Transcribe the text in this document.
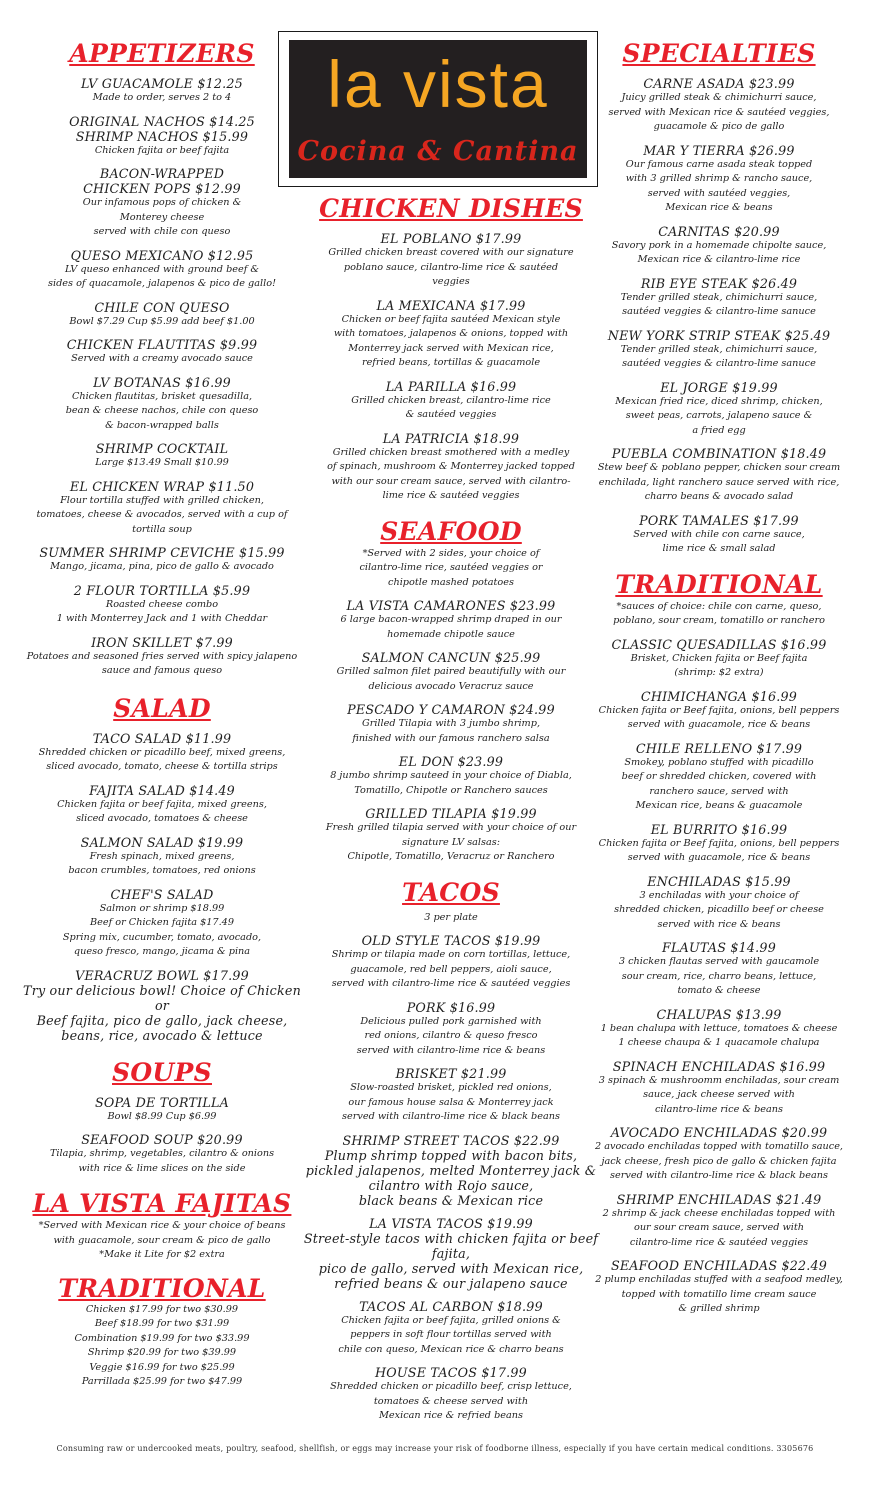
APPETIZERS
LV GUACAMOLE $12.25
Made to order, serves 2 to 4
ORIGINAL NACHOS $14.25
SHRIMP NACHOS $15.99
Chicken fajita or beef fajita
BACON-WRAPPED
CHICKEN POPS $12.99
Our infamous pops of chicken &
Monterey cheese
served with chile con queso
QUESO MEXICANO $12.95
LV queso enhanced with ground beef &
sides of quacamole, jalapenos & pico de gallo!
CHILE CON QUESO
Bowl $7.29 Cup $5.99 add beef $1.00
CHICKEN FLAUTITAS $9.99
Served with a creamy avocado sauce
LV BOTANAS $16.99
Chicken flautitas, brisket quesadilla,
bean & cheese nachos, chile con queso
& bacon-wrapped balls
SHRIMP COCKTAIL
Large $13.49 Small $10.99
EL CHICKEN WRAP $11.50
Flour tortilla stuffed with grilled chicken,
tomatoes, cheese & avocados, served with a cup of
tortilla soup
SUMMER SHRIMP CEVICHE $15.99
Mango, jicama, pina, pico de gallo & avocado
2 FLOUR TORTILLA $5.99
Roasted cheese combo
1 with Monterrey Jack and 1 with Cheddar
IRON SKILLET $7.99
Potatoes and seasoned fries served with spicy jalapeno
sauce and famous queso
SALAD
TACO SALAD $11.99
Shredded chicken or picadillo beef, mixed greens,
sliced avocado, tomato, cheese & tortilla strips
FAJITA SALAD $14.49
Chicken fajita or beef fajita, mixed greens,
sliced avocado, tomatoes & cheese
SALMON SALAD $19.99
Fresh spinach, mixed greens,
bacon crumbles, tomatoes, red onions
CHEF'S SALAD
Salmon or shrimp $18.99
Beef or Chicken fajita $17.49
Spring mix, cucumber, tomato, avocado,
queso fresco, mango, jicama & pina
VERACRUZ BOWL $17.99
Try our delicious bowl! Choice of Chicken or
Beef fajita, pico de gallo, jack cheese,
beans, rice, avocado & lettuce
SOUPS
SOPA DE TORTILLA
Bowl $8.99 Cup $6.99
SEAFOOD SOUP $20.99
Tilapia, shrimp, vegetables, cilantro & onions
with rice & lime slices on the side
LA VISTA FAJITAS
*Served with Mexican rice & your choice of beans
with guacamole, sour cream & pico de gallo
*Make it Lite for $2 extra
TRADITIONAL
Chicken $17.99 for two $30.99
Beef $18.99 for two $31.99
Combination $19.99 for two $33.99
Shrimp $20.99 for two $39.99
Veggie $16.99 for two $25.99
Parrillada $25.99 for two $47.99
la vista
Cocina & Cantina
CHICKEN DISHES
EL POBLANO $17.99
Grilled chicken breast covered with our signature
poblano sauce, cilantro-lime rice & sautéed
veggies
LA MEXICANA $17.99
Chicken or beef fajita sautéed Mexican style
with tomatoes, jalapenos & onions, topped with
Monterrey jack served with Mexican rice,
refried beans, tortillas & guacamole
LA PARILLA $16.99
Grilled chicken breast, cilantro-lime rice
& sautéed veggies
LA PATRICIA $18.99
Grilled chicken breast smothered with a medley
of spinach, mushroom & Monterrey jacked topped
with our sour cream sauce, served with cilantro-
lime rice & sautéed veggies
SEAFOOD
*Served with 2 sides, your choice of
cilantro-lime rice, sautéed veggies or
chipotle mashed potatoes
LA VISTA CAMARONES $23.99
6 large bacon-wrapped shrimp draped in our
homemade chipotle sauce
SALMON CANCUN $25.99
Grilled salmon filet paired beautifully with our
delicious avocado Veracruz sauce
PESCADO Y CAMARON $24.99
Grilled Tilapia with 3 jumbo shrimp,
finished with our famous ranchero salsa
EL DON $23.99
8 jumbo shrimp sauteed in your choice of Diabla,
Tomatillo, Chipotle or Ranchero sauces
GRILLED TILAPIA $19.99
Fresh grilled tilapia served with your choice of our
signature LV salsas:
Chipotle, Tomatillo, Veracruz or Ranchero
TACOS
3 per plate
OLD STYLE TACOS $19.99
Shrimp or tilapia made on corn tortillas, lettuce,
guacamole, red bell peppers, aioli sauce,
served with cilantro-lime rice & sautéed veggies
PORK $16.99
Delicious pulled pork garnished with
red onions, cilantro & queso fresco
served with cilantro-lime rice & beans
BRISKET $21.99
Slow-roasted brisket, pickled red onions,
our famous house salsa & Monterrey jack
served with cilantro-lime rice & black beans
SHRIMP STREET TACOS $22.99
Plump shrimp topped with bacon bits,
pickled jalapenos, melted Monterrey jack &
cilantro with Rojo sauce,
black beans & Mexican rice
LA VISTA TACOS $19.99
Street-style tacos with chicken fajita or beef fajita,
pico de gallo, served with Mexican rice,
refried beans & our jalapeno sauce
TACOS AL CARBON $18.99
Chicken fajita or beef fajita, grilled onions &
peppers in soft flour tortillas served with
chile con queso, Mexican rice & charro beans
HOUSE TACOS $17.99
Shredded chicken or picadillo beef, crisp lettuce,
tomatoes & cheese served with
Mexican rice & refried beans
SPECIALTIES
CARNE ASADA $23.99
Juicy grilled steak & chimichurri sauce,
served with Mexican rice & sautéed veggies,
guacamole & pico de gallo
MAR Y TIERRA $26.99
Our famous carne asada steak topped
with 3 grilled shrimp & rancho sauce,
served with sautéed veggies,
Mexican rice & beans
CARNITAS $20.99
Savory pork in a homemade chipolte sauce,
Mexican rice & cilantro-lime rice
RIB EYE STEAK $26.49
Tender grilled steak, chimichurri sauce,
sautéed veggies & cilantro-lime sanuce
NEW YORK STRIP STEAK $25.49
Tender grilled steak, chimichurri sauce,
sautéed veggies & cilantro-lime sanuce
EL JORGE $19.99
Mexican fried rice, diced shrimp, chicken,
sweet peas, carrots, jalapeno sauce &
a fried egg
PUEBLA COMBINATION $18.49
Stew beef & poblano pepper, chicken sour cream
enchilada, light ranchero sauce served with rice,
charro beans & avocado salad
PORK TAMALES $17.99
Served with chile con carne sauce,
lime rice & small salad
TRADITIONAL
*sauces of choice: chile con carne, queso,
poblano, sour cream, tomatillo or ranchero
CLASSIC QUESADILLAS $16.99
Brisket, Chicken fajita or Beef fajita
(shrimp: $2 extra)
CHIMICHANGA $16.99
Chicken fajita or Beef fajita, onions, bell peppers
served with guacamole, rice & beans
CHILE RELLENO $17.99
Smokey, poblano stuffed with picadillo
beef or shredded chicken, covered with
ranchero sauce, served with
Mexican rice, beans & guacamole
EL BURRITO $16.99
Chicken fajita or Beef fajita, onions, bell peppers
served with guacamole, rice & beans
ENCHILADAS $15.99
3 enchiladas with your choice of
shredded chicken, picadillo beef or cheese
served with rice & beans
FLAUTAS $14.99
3 chicken flautas served with gaucamole
sour cream, rice, charro beans, lettuce,
tomato & cheese
CHALUPAS $13.99
1 bean chalupa with lettuce, tomatoes & cheese
1 cheese chaupa & 1 quacamole chalupa
SPINACH ENCHILADAS $16.99
3 spinach & mushroomm enchiladas, sour cream
sauce, jack cheese served with
cilantro-lime rice & beans
AVOCADO ENCHILADAS $20.99
2 avocado enchiladas topped with tomatillo sauce,
jack cheese, fresh pico de gallo & chicken fajita
served with cilantro-lime rice & black beans
SHRIMP ENCHILADAS $21.49
2 shrimp & jack cheese enchiladas topped with
our sour cream sauce, served with
cilantro-lime rice & sautéed veggies
SEAFOOD ENCHILADAS $22.49
2 plump enchiladas stuffed with a seafood medley,
topped with tomatillo lime cream sauce
& grilled shrimp
Consuming raw or undercooked meats, poultry, seafood, shellfish, or eggs may increase your risk of foodborne illness, especially if you have certain medical conditions. 3305676
